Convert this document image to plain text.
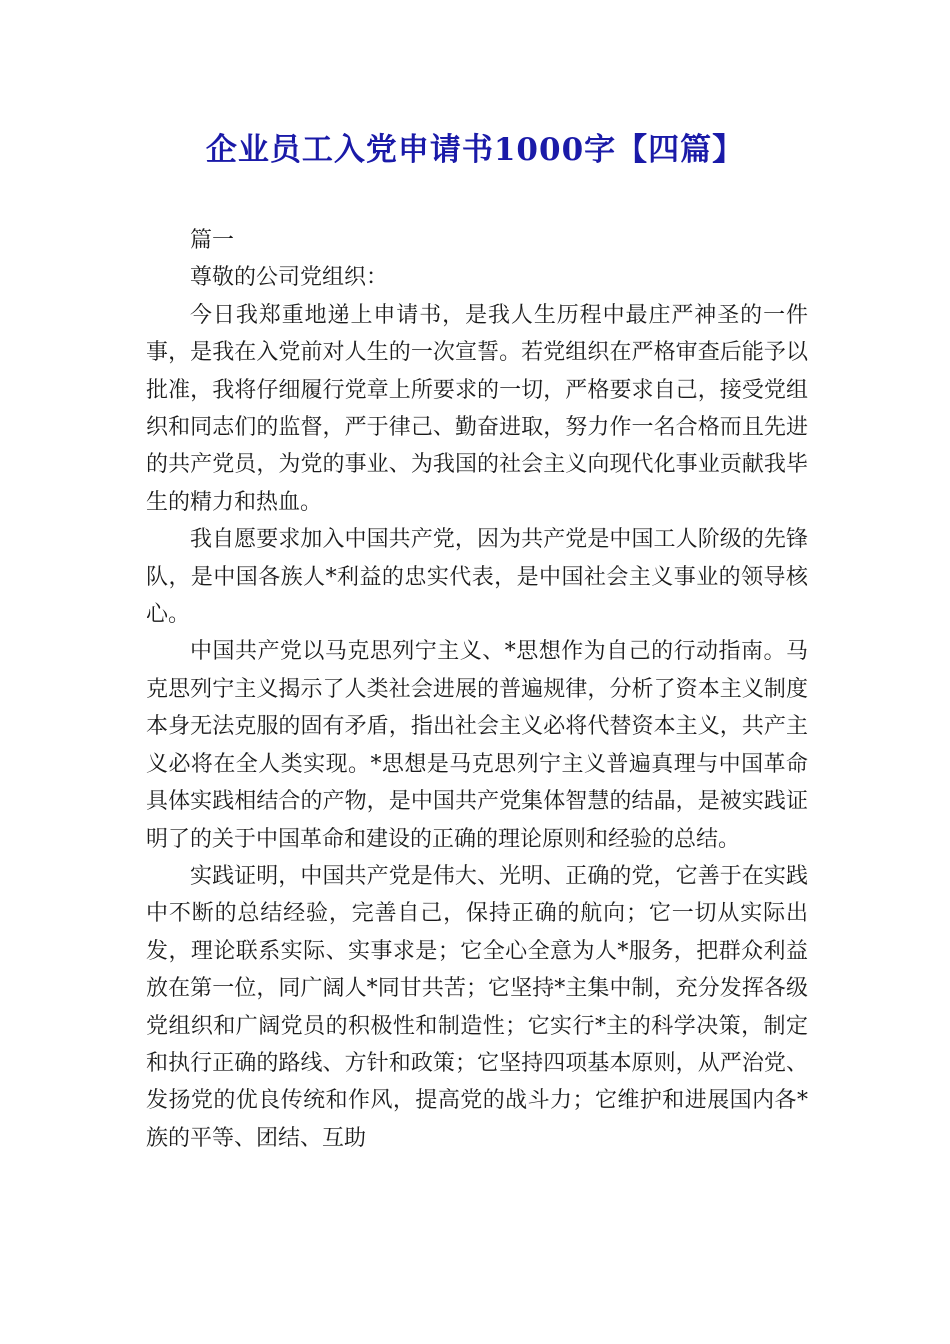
企业员工入党申请书1000字【四篇】

篇一

尊敬的公司党组织：

今日我郑重地递上申请书，是我人生历程中最庄严神圣的一件事，是我在入党前对人生的一次宣誓。若党组织在严格审查后能予以批准，我将仔细履行党章上所要求的一切，严格要求自己，接受党组织和同志们的监督，严于律己、勤奋进取，努力作一名合格而且先进的共产党员，为党的事业、为我国的社会主义向现代化事业贡献我毕生的精力和热血。

我自愿要求加入中国共产党，因为共产党是中国工人阶级的先锋队，是中国各族人*利益的忠实代表，是中国社会主义事业的领导核心。

中国共产党以马克思列宁主义、*思想作为自己的行动指南。马克思列宁主义揭示了人类社会进展的普遍规律，分析了资本主义制度本身无法克服的固有矛盾，指出社会主义必将代替资本主义，共产主义必将在全人类实现。*思想是马克思列宁主义普遍真理与中国革命具体实践相结合的产物，是中国共产党集体智慧的结晶，是被实践证明了的关于中国革命和建设的正确的理论原则和经验的总结。

实践证明，中国共产党是伟大、光明、正确的党，它善于在实践中不断的总结经验，完善自己，保持正确的航向；它一切从实际出发，理论联系实际、实事求是；它全心全意为人*服务，把群众利益放在第一位，同广阔人*同甘共苦；它坚持*主集中制，充分发挥各级党组织和广阔党员的积极性和制造性；它实行*主的科学决策，制定和执行正确的路线、方针和政策；它坚持四项基本原则，从严治党、发扬党的优良传统和作风，提高党的战斗力；它维护和进展国内各*族的平等、团结、互助
